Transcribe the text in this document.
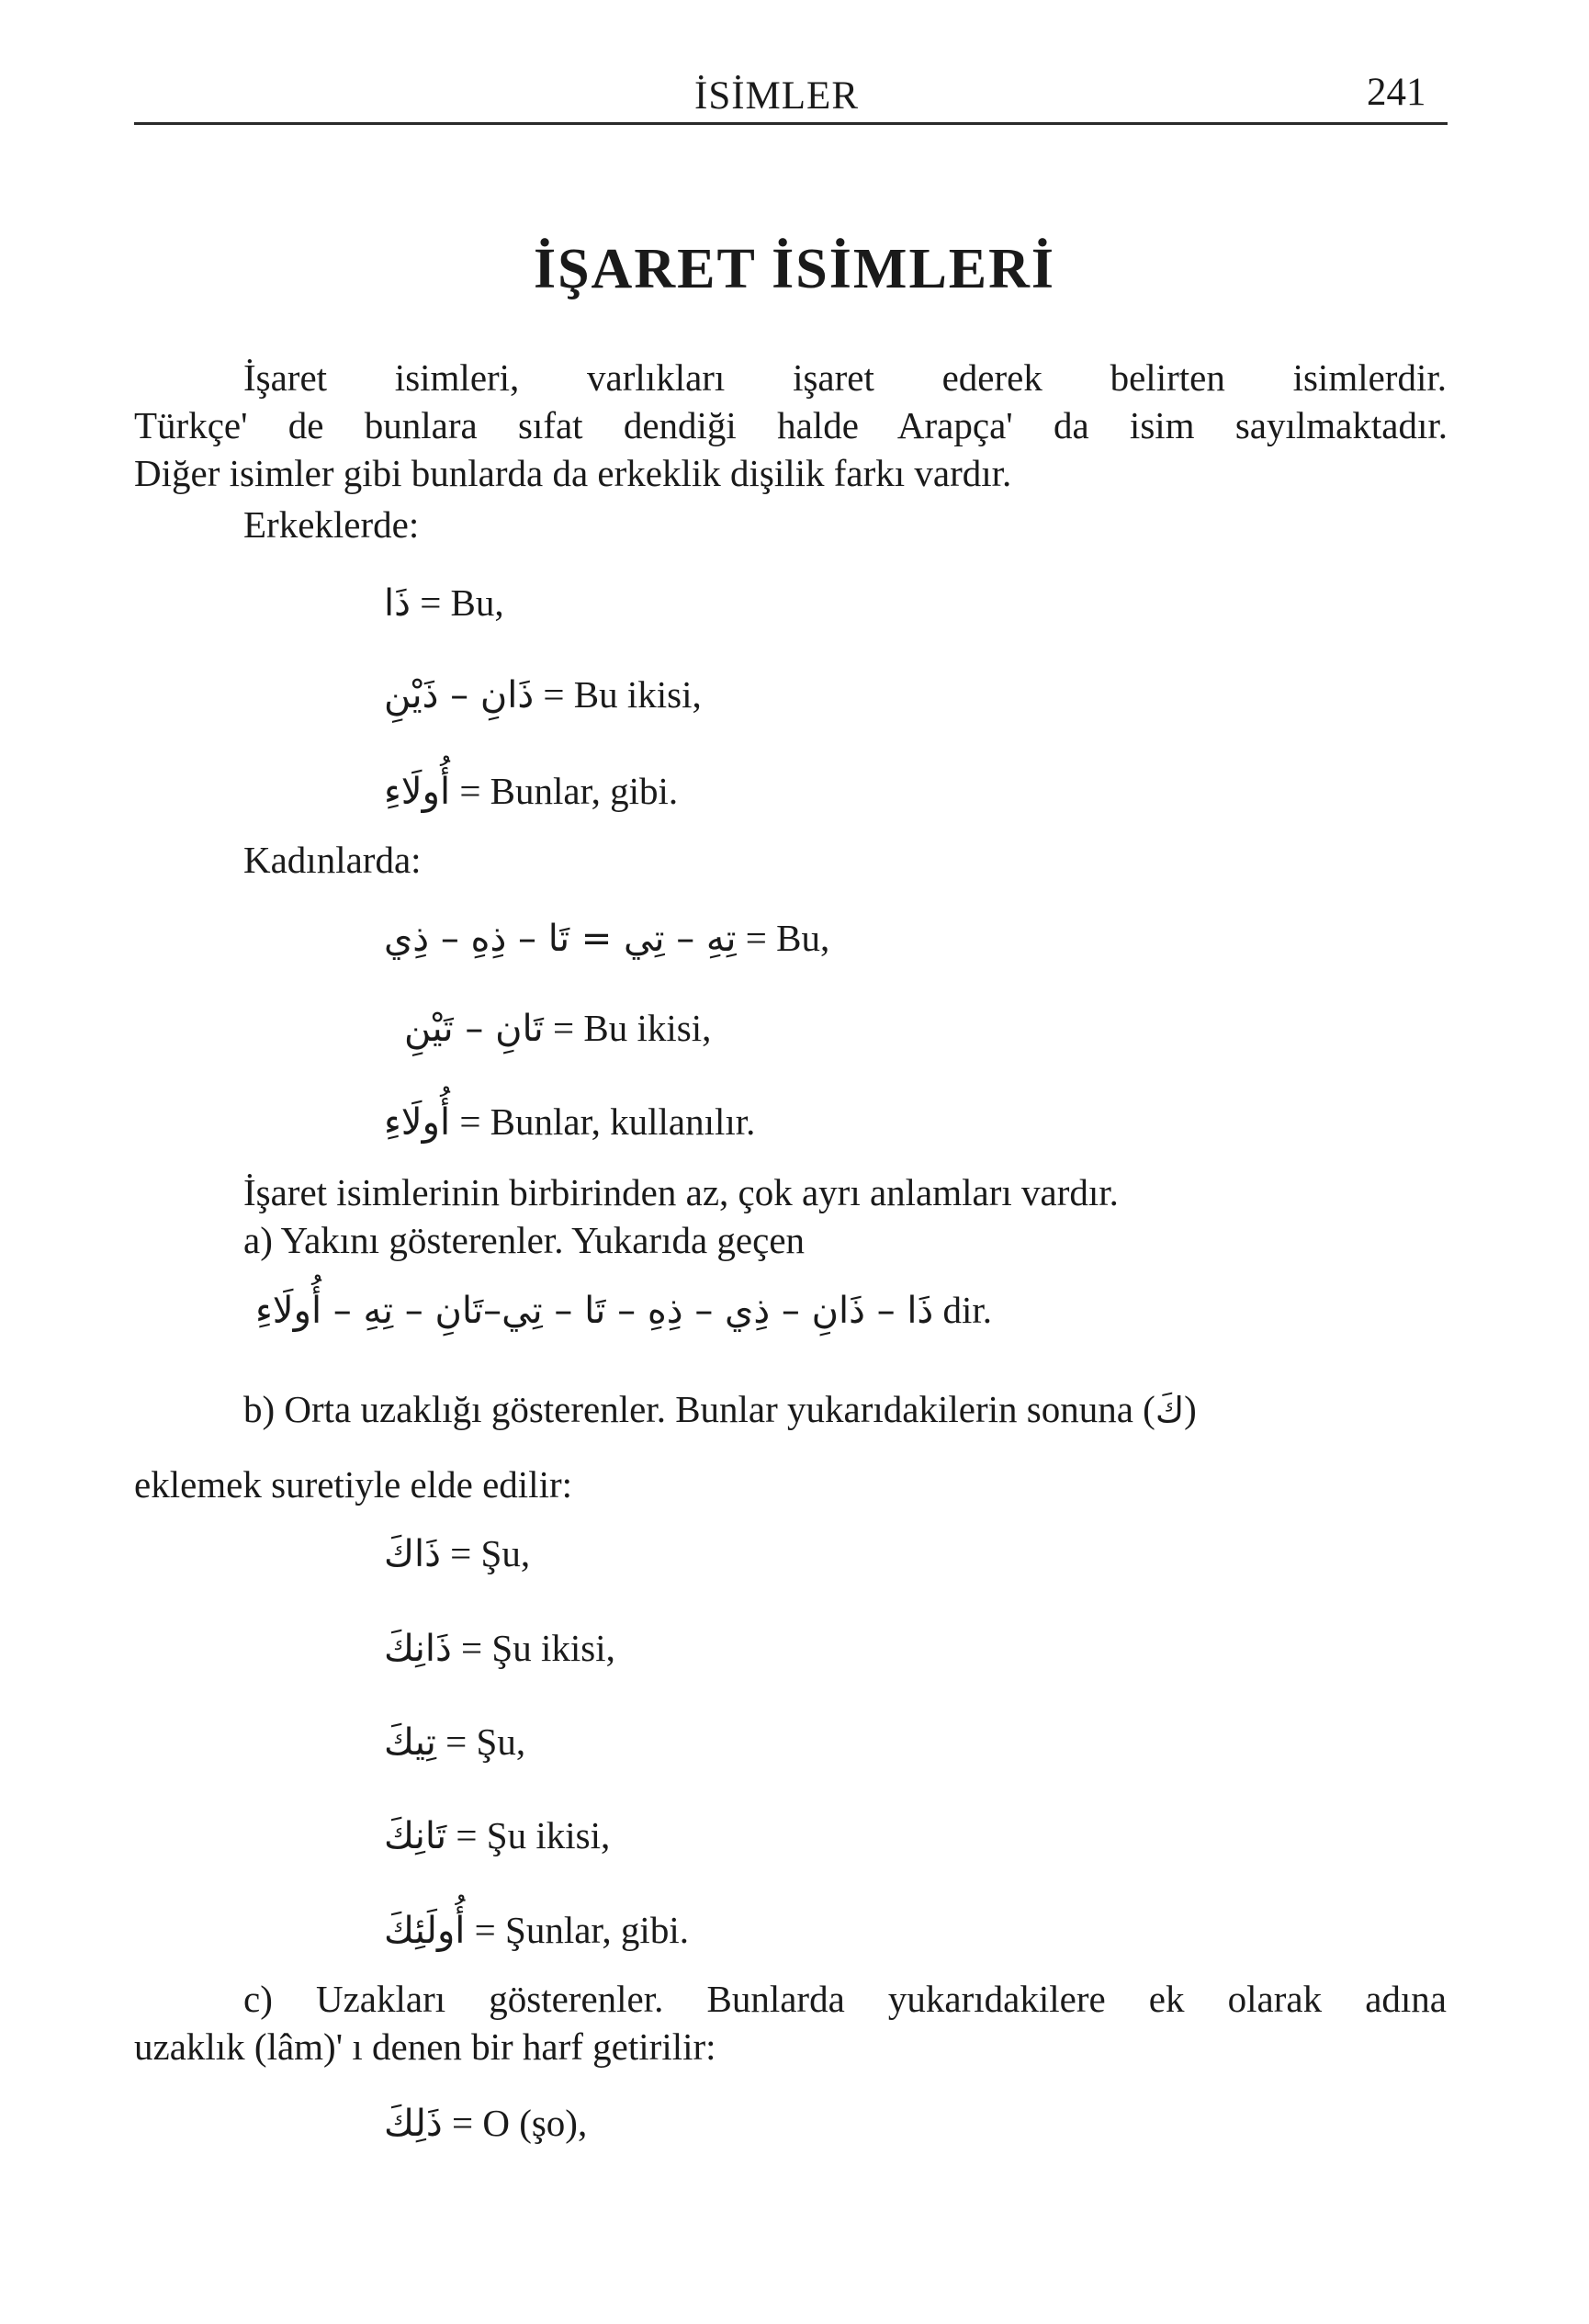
İSİMLER	241
İŞARET İSİMLERİ
İşaret isimleri, varlıkları işaret ederek belirten isimlerdir.
Türkçe' de bunlara sıfat dendiği halde Arapça' da isim sayılmaktadır.
Diğer isimler gibi bunlarda da erkeklik dişilik farkı vardır.
Erkeklerde:
ذَا = Bu,
ذَانِ – ذَيْنِ = Bu ikisi,
أُولَاءِ = Bunlar, gibi.
Kadınlarda:
تِهِ – تِي = تَا – ذِهِ – ذِي = Bu,
تَانِ – تَيْنِ = Bu ikisi,
أُولَاءِ = Bunlar, kullanılır.
İşaret isimlerinin birbirinden az, çok ayrı anlamları vardır.
a) Yakını gösterenler. Yukarıda geçen
ذَا – ذَانِ – ذِي – ذِهِ – تَا – تِي–تَانِ – تِهِ – أُولَاءِ dir.
b) Orta uzaklığı gösterenler. Bunlar yukarıdakilerin sonuna (كَ)
eklemek suretiyle elde edilir:
ذَاكَ = Şu,
ذَانِكَ = Şu ikisi,
تِيكَ = Şu,
تَانِكَ = Şu ikisi,
أُولَئِكَ = Şunlar, gibi.
c) Uzakları gösterenler. Bunlarda yukarıdakilere ek olarak adına
uzaklık (lâm)' ı denen bir harf getirilir:
ذَلِكَ = O (şo),
